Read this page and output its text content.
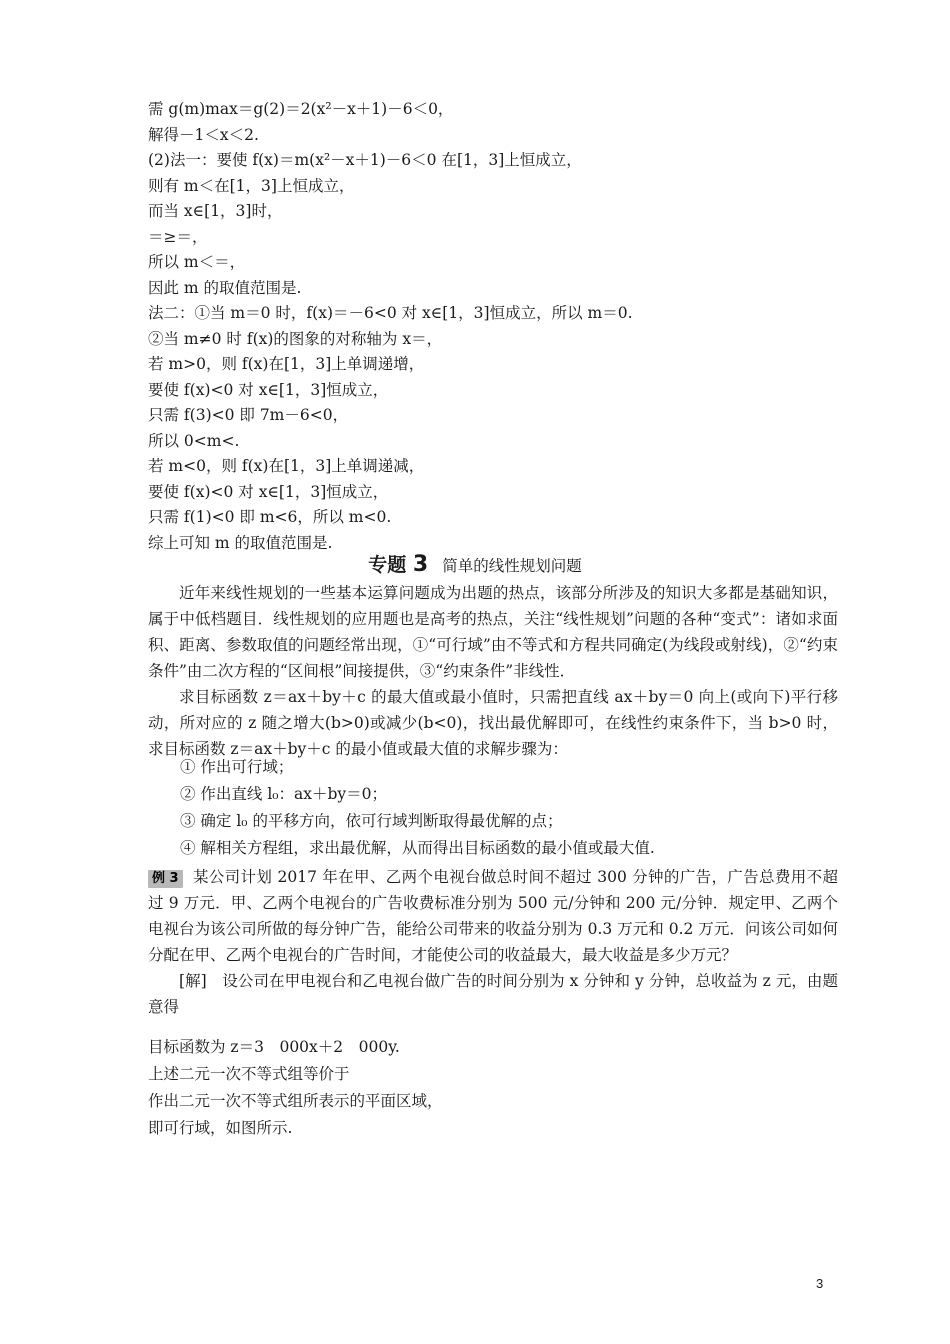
需 g(m)max＝g(2)＝2(x²－x＋1)－6＜0，
解得－1＜x＜2.
(2)法一：要使 f(x)＝m(x²－x＋1)－6＜0 在[1，3]上恒成立，
则有 m＜在[1，3]上恒成立，
而当 x∈[1，3]时，
＝≥＝，
所以 m＜＝，
因此 m 的取值范围是.
法二：①当 m＝0 时，f(x)＝－6<0 对 x∈[1，3]恒成立，所以 m＝0.
②当 m≠0 时 f(x)的图象的对称轴为 x＝，
若 m>0，则 f(x)在[1，3]上单调递增，
要使 f(x)<0 对 x∈[1，3]恒成立，
只需 f(3)<0 即 7m－6<0，
所以 0<m<.
若 m<0，则 f(x)在[1，3]上单调递减，
要使 f(x)<0 对 x∈[1，3]恒成立，
只需 f(1)<0 即 m<6，所以 m<0.
综上可知 m 的取值范围是.
专题 3 简单的线性规划问题
近年来线性规划的一些基本运算问题成为出题的热点，该部分所涉及的知识大多都是基础知识，属于中低档题目．线性规划的应用题也是高考的热点，关注“线性规划”问题的各种“变式”：诸如求面积、距离、参数取值的问题经常出现，①“可行域”由不等式和方程共同确定(为线段或射线)，②“约束条件”由二次方程的“区间根”间接提供，③“约束条件”非线性．
求目标函数 z＝ax＋by＋c 的最大值或最小值时，只需把直线 ax＋by＝0 向上(或向下)平行移动，所对应的 z 随之增大(b>0)或减少(b<0)，找出最优解即可，在线性约束条件下，当 b>0 时，求目标函数 z＝ax＋by＋c 的最小值或最大值的求解步骤为：
① 作出可行域；
② 作出直线 l₀：ax＋by＝0；
③ 确定 l₀ 的平移方向，依可行域判断取得最优解的点；
④ 解相关方程组，求出最优解，从而得出目标函数的最小值或最大值.
例 3 某公司计划 2017 年在甲、乙两个电视台做总时间不超过 300 分钟的广告，广告总费用不超过 9 万元．甲、乙两个电视台的广告收费标准分别为 500 元/分钟和 200 元/分钟．规定甲、乙两个电视台为该公司所做的每分钟广告，能给公司带来的收益分别为 0.3 万元和 0.2 万元．问该公司如何分配在甲、乙两个电视台的广告时间，才能使公司的收益最大，最大收益是多少万元？
[解]　设公司在甲电视台和乙电视台做广告的时间分别为 x 分钟和 y 分钟，总收益为 z 元，由题意得
目标函数为 z＝3　000x＋2　000y.
上述二元一次不等式组等价于
作出二元一次不等式组所表示的平面区域，
即可行域，如图所示.
3
